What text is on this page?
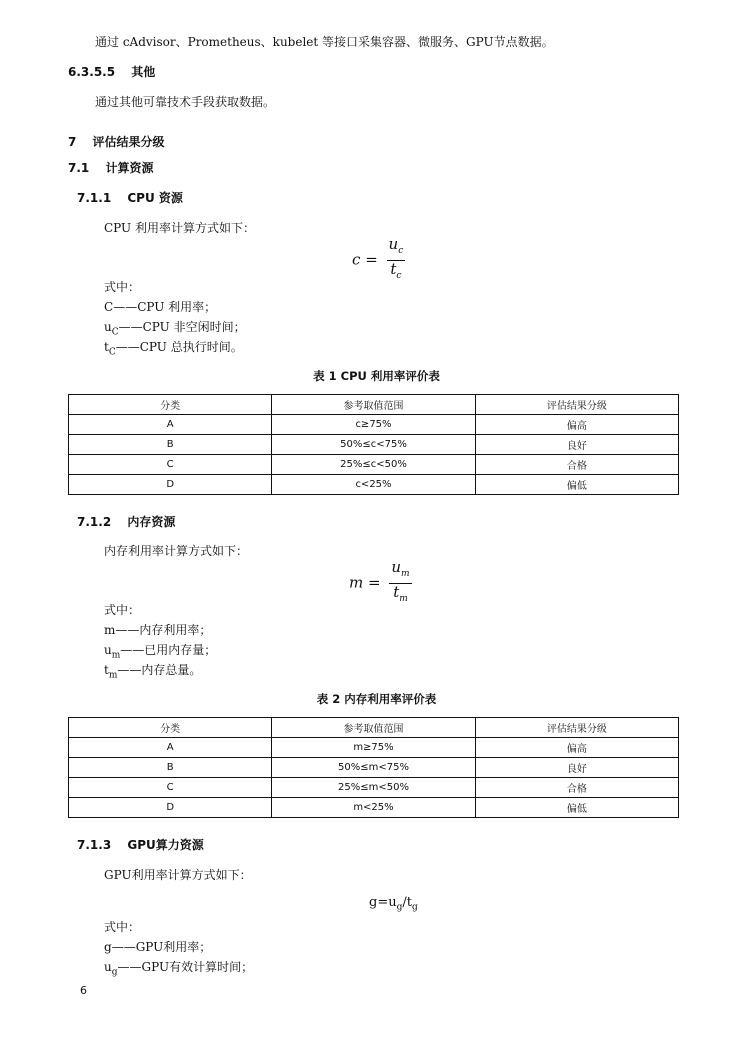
通过 cAdvisor、Prometheus、kubelet 等接口采集容器、微服务、GPU节点数据。
6.3.5.5 其他
通过其他可靠技术手段获取数据。
7 评估结果分级
7.1 计算资源
7.1.1 CPU 资源
CPU 利用率计算方式如下：
$c = \frac{u_c}{t_c}$
式中：
C——CPU 利用率；
$u_C——CPU$ 非空闲时间；
$t_C——CPU$ 总执行时间。
表 1 CPU 利用率评价表
分类	参考取值范围	评估结果分级
A	c≥75%	偏高
B	50%≤c<75%	良好
C	25%≤c<50%	合格
D	c<25%	偏低
7.1.2 内存资源
内存利用率计算方式如下：
$m = \frac{u_m}{t_m}$
式中：
m——内存利用率；
$u_m——$已用内存量；
$t_m——$内存总量。
表 2 内存利用率评价表
分类	参考取值范围	评估结果分级
A	m≥75%	偏高
B	50%≤m<75%	良好
C	25%≤m<50%	合格
D	m<25%	偏低
7.1.3 GPU算力资源
GPU利用率计算方式如下：
$g=u_g/t_g$
式中：
g——GPU利用率；
$u_g——GPU$有效计算时间；
6
